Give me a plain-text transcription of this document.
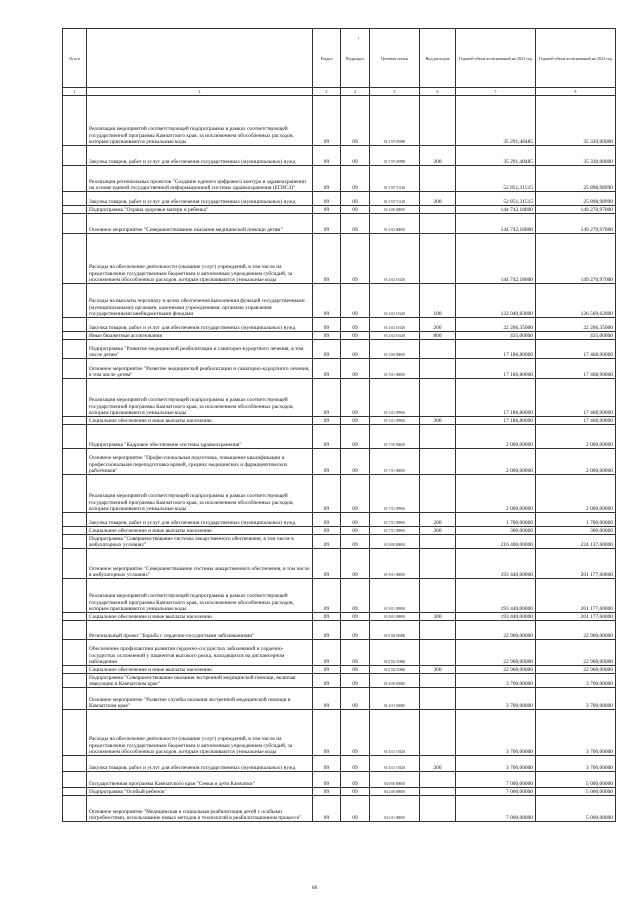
№ п/п		Раздел	Подраздел	Целевая статья	Вид расходов	Годовой объем ассигнований на 2021 год	Годовой объем ассигнований на 2022 год
1	2	3	4	5	6	7	8
	Реализация мероприятий соответствующей подпрограммы в рамках соответствующей государственной программы Камчатского края, за исключением обособленных расходов, которым присваиваются уникальные коды	09	09	01 3 N7 09990		35 291,48485	35 330,00000
	Закупка товаров, работ и услуг для обеспечения государственных (муниципальных) нужд	09	09	01 3 N7 09990	200	35 291,48485	35 330,00000
	Реализация региональных проектов "Создание единого цифрового контура в здравоохранении на основе единой государственной информационной системы здравоохранения (ЕГИСЗ)"	09	09	01 3 N7 51140		52 851,31515	25 898,98990
	Закупка товаров, работ и услуг для обеспечения государственных (муниципальных) нужд	09	09	01 3 N7 51140	200	52 851,31515	25 898,98990
	Подпрограмма "Охрана здоровья матери и ребенка"	09	09	01 4 00 00000		144 742,18000	149 270,97000
	Основное мероприятие "Совершенствование оказания медицинской помощи детям"	09	09	01 4 02 00000		144 742,18000	149 270,97000
	Расходы на обеспечение деятельности (оказание услуг) учреждений, в том числе на предоставление государственным бюджетным и автономным учреждениям субсидий, за исключением обособленных расходов, которым присваиваются уникальные коды	09	09	01 4 02 10140		144 742,18000	149 270,97000
	Расходы на выплаты персоналу в целях обеспечения выполнения функций государственными (муниципальными) органами, казенными учреждениями, органами управления государственными внебюджетными фондами	09	09	01 4 02 10140	100	122 040,83000	126 569,62000
	Закупка товаров, работ и услуг для обеспечения государственных (муниципальных) нужд	09	09	01 4 02 10140	200	22 266,35000	22 266,35000
	Иные бюджетные ассигнования	09	09	01 4 02 10140	800	435,00000	435,00000
	Подпрограмма "Развитие медицинской реабилитации и санаторно-курортного лечения, в том числе детям"	09	09	01 5 00 00000		17 186,80000	17 468,90000
	Основное мероприятие "Развитие медицинской реабилитации и санаторно-курортного лечения, в том числе детям"	09	09	01 5 01 00000		17 186,80000	17 468,90000
	Реализация мероприятий соответствующей подпрограммы в рамках соответствующей государственной программы Камчатского края, за исключением обособленных расходов, которым присваиваются уникальные коды	09	09	01 5 01 09990		17 186,80000	17 468,90000
	Социальное обеспечение и иные выплаты населению	09	09	01 5 01 09990	300	17 186,80000	17 468,90000
	Подпрограмма "Кадровое обеспечение системы здравоохранения"	09	09	01 7 00 00000		2 000,00000	2 000,00000
	Основное мероприятие "Профессиональная подготовка, повышение квалификации и профессиональная переподготовка врачей, средних медицинских и фармацевтических работников"	09	09	01 7 01 00000		2 000,00000	2 000,00000
	Реализация мероприятий соответствующей подпрограммы в рамках соответствующей государственной программы Камчатского края, за исключением обособленных расходов, которым присваиваются уникальные коды	09	09	01 7 01 09990		2 000,00000	2 000,00000
	Закупка товаров, работ и услуг для обеспечения государственных (муниципальных) нужд	09	09	01 7 01 09990	200	1 700,00000	1 700,00000
	Социальное обеспечение и иные выплаты населению	09	09	01 7 01 09990	300	300,00000	300,00000
	Подпрограмма "Совершенствование системы лекарственного обеспечения, в том числе в амбулаторных условиях"	09	09	01 8 00 00000		216 400,00000	224 137,60000
	Основное мероприятие "Совершенствование системы лекарственного обеспечения, в том числе в амбулаторных условиях"	09	09	01 8 01 00000		193 440,00000	201 177,60000
	Реализация мероприятий соответствующей подпрограммы в рамках соответствующей государственной программы Камчатского края, за исключением обособленных расходов, которым присваиваются уникальные коды	09	09	01 8 01 09990		193 440,00000	201 177,60000
	Социальное обеспечение и иные выплаты населению	09	09	01 8 01 09990	300	193 440,00000	201 177,60000
	Региональный проект "Борьба с сердечно-сосудистыми заболеваниями"	09	09	01 8 N2 00000		22 960,00000	22 960,00000
	Обеспечение профилактики развития сердечно-сосудистых заболеваний и сердечно-сосудистых осложнений у пациентов высокого риска, находящихся на диспансерном наблюдении	09	09	01 8 N2 55860		22 960,00000	22 960,00000
	Социальное обеспечение и иные выплаты населению	09	09	01 8 N2 55860	300	22 960,00000	22 960,00000
	Подпрограмма "Совершенствование оказания экстренной медицинской помощи, включая эвакуацию в Камчатском крае"	09	09	01 Б 00 00000		3 700,00000	3 700,00000
	Основное мероприятие "Развитие службы оказания экстренной медицинской помощи в Камчатском крае"	09	09	01 Б 01 00000		3 700,00000	3 700,00000
	Расходы на обеспечение деятельности (оказание услуг) учреждений, в том числе на предоставление государственным бюджетным и автономным учреждениям субсидий, за исключением обособленных расходов, которым присваиваются уникальные коды	09	09	01 Б 01 10140		3 700,00000	3 700,00000
	Закупка товаров, работ и услуг для обеспечения государственных (муниципальных) нужд	09	09	01 Б 01 10140	200	3 700,00000	3 700,00000
	Государственная программа Камчатского края "Семья и дети Камчатки"	09	09	04 0 00 00000		7 000,00000	5 000,00000
	Подпрограмма "Особый ребенок"	09	09	04 2 00 00000		7 000,00000	5 000,00000
	Основное мероприятие "Медицинская и социальная реабилитация детей с особыми потребностями, использование новых методов и технологий в реабилитационном процессе"	09	09	04 2 01 00000		7 000,00000	5 000,00000
'
68
